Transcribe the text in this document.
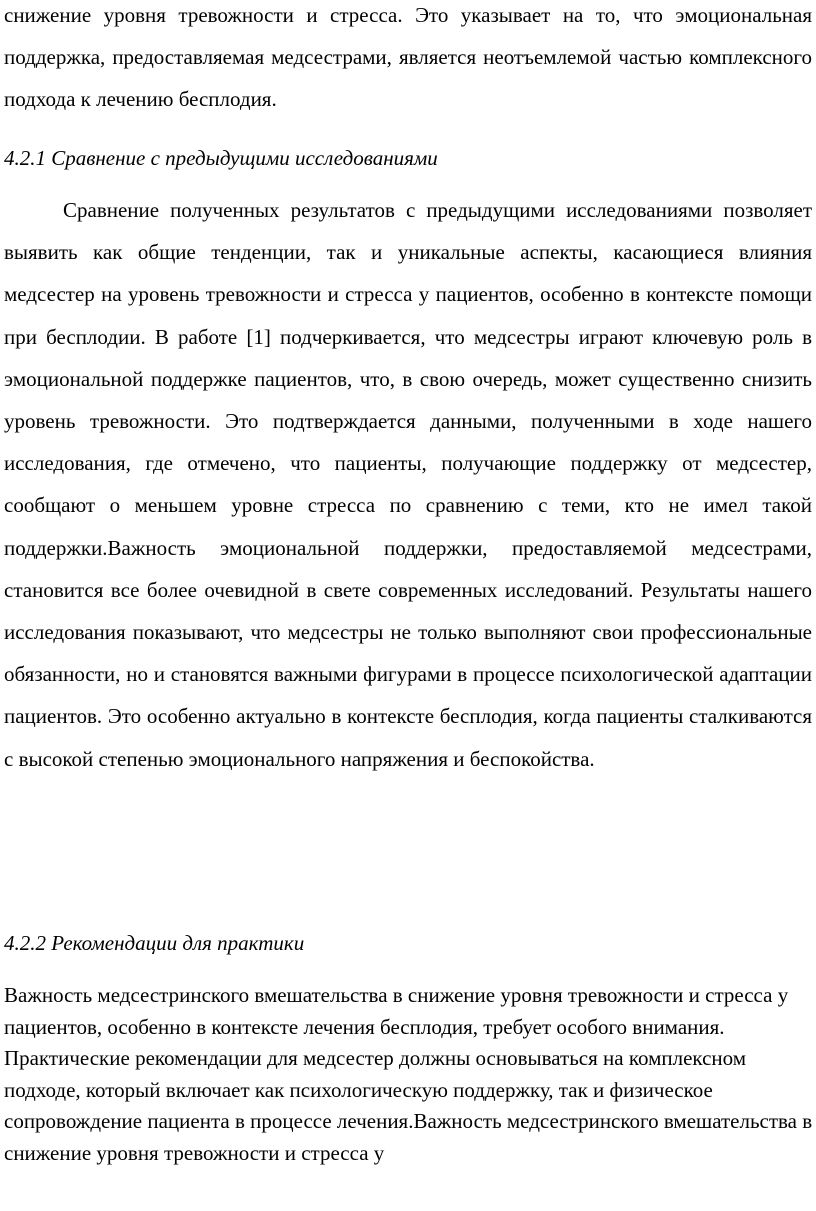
снижение уровня тревожности и стресса. Это указывает на то, что эмоциональная поддержка, предоставляемая медсестрами, является неотъемлемой частью комплексного подхода к лечению бесплодия.

4.2.1 Сравнение с предыдущими исследованиями

Сравнение полученных результатов с предыдущими исследованиями позволяет выявить как общие тенденции, так и уникальные аспекты, касающиеся влияния медсестер на уровень тревожности и стресса у пациентов, особенно в контексте помощи при бесплодии. В работе [1] подчеркивается, что медсестры играют ключевую роль в эмоциональной поддержке пациентов, что, в свою очередь, может существенно снизить уровень тревожности. Это подтверждается данными, полученными в ходе нашего исследования, где отмечено, что пациенты, получающие поддержку от медсестер, сообщают о меньшем уровне стресса по сравнению с теми, кто не имел такой поддержки.Важность эмоциональной поддержки, предоставляемой медсестрами, становится все более очевидной в свете современных исследований. Результаты нашего исследования показывают, что медсестры не только выполняют свои профессиональные обязанности, но и становятся важными фигурами в процессе психологической адаптации пациентов. Это особенно актуально в контексте бесплодия, когда пациенты сталкиваются с высокой степенью эмоционального напряжения и беспокойства.

4.2.2 Рекомендации для практики

Важность медсестринского вмешательства в снижение уровня тревожности и стресса у пациентов, особенно в контексте лечения бесплодия, требует особого внимания. Практические рекомендации для медсестер должны основываться на комплексном подходе, который включает как психологическую поддержку, так и физическое сопровождение пациента в процессе лечения.Важность медсестринского вмешательства в снижение уровня тревожности и стресса у
